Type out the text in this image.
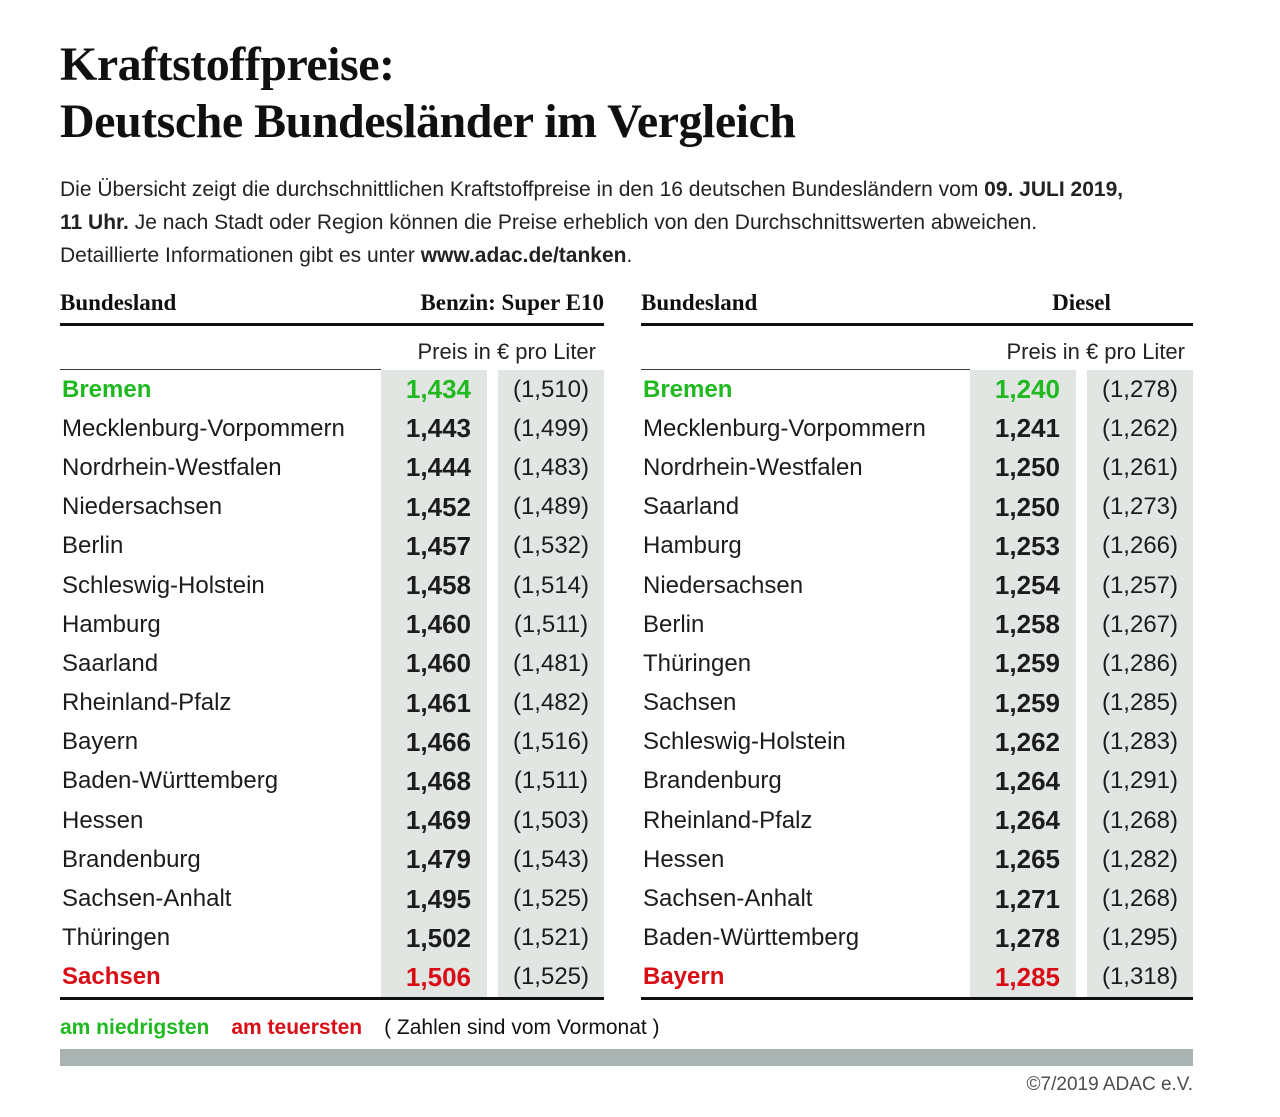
Kraftstoffpreise:
Deutsche Bundesländer im Vergleich
Die Übersicht zeigt die durchschnittlichen Kraftstoffpreise in den 16 deutschen Bundesländern vom 09. JULI 2019,
11 Uhr. Je nach Stadt oder Region können die Preise erheblich von den Durchschnittswerten abweichen.
Detaillierte Informationen gibt es unter www.adac.de/tanken.
Bundesland	Benzin: Super E10
Preis in € pro Liter
Bremen	1,434	(1,510)
Mecklenburg-Vorpommern	1,443	(1,499)
Nordrhein-Westfalen	1,444	(1,483)
Niedersachsen	1,452	(1,489)
Berlin	1,457	(1,532)
Schleswig-Holstein	1,458	(1,514)
Hamburg	1,460	(1,511)
Saarland	1,460	(1,481)
Rheinland-Pfalz	1,461	(1,482)
Bayern	1,466	(1,516)
Baden-Württemberg	1,468	(1,511)
Hessen	1,469	(1,503)
Brandenburg	1,479	(1,543)
Sachsen-Anhalt	1,495	(1,525)
Thüringen	1,502	(1,521)
Sachsen	1,506	(1,525)
Bundesland	Diesel
Preis in € pro Liter
Bremen	1,240	(1,278)
Mecklenburg-Vorpommern	1,241	(1,262)
Nordrhein-Westfalen	1,250	(1,261)
Saarland	1,250	(1,273)
Hamburg	1,253	(1,266)
Niedersachsen	1,254	(1,257)
Berlin	1,258	(1,267)
Thüringen	1,259	(1,286)
Sachsen	1,259	(1,285)
Schleswig-Holstein	1,262	(1,283)
Brandenburg	1,264	(1,291)
Rheinland-Pfalz	1,264	(1,268)
Hessen	1,265	(1,282)
Sachsen-Anhalt	1,271	(1,268)
Baden-Württemberg	1,278	(1,295)
Bayern	1,285	(1,318)
am niedrigsten am teuersten ( Zahlen sind vom Vormonat )
©7/2019 ADAC e.V.
